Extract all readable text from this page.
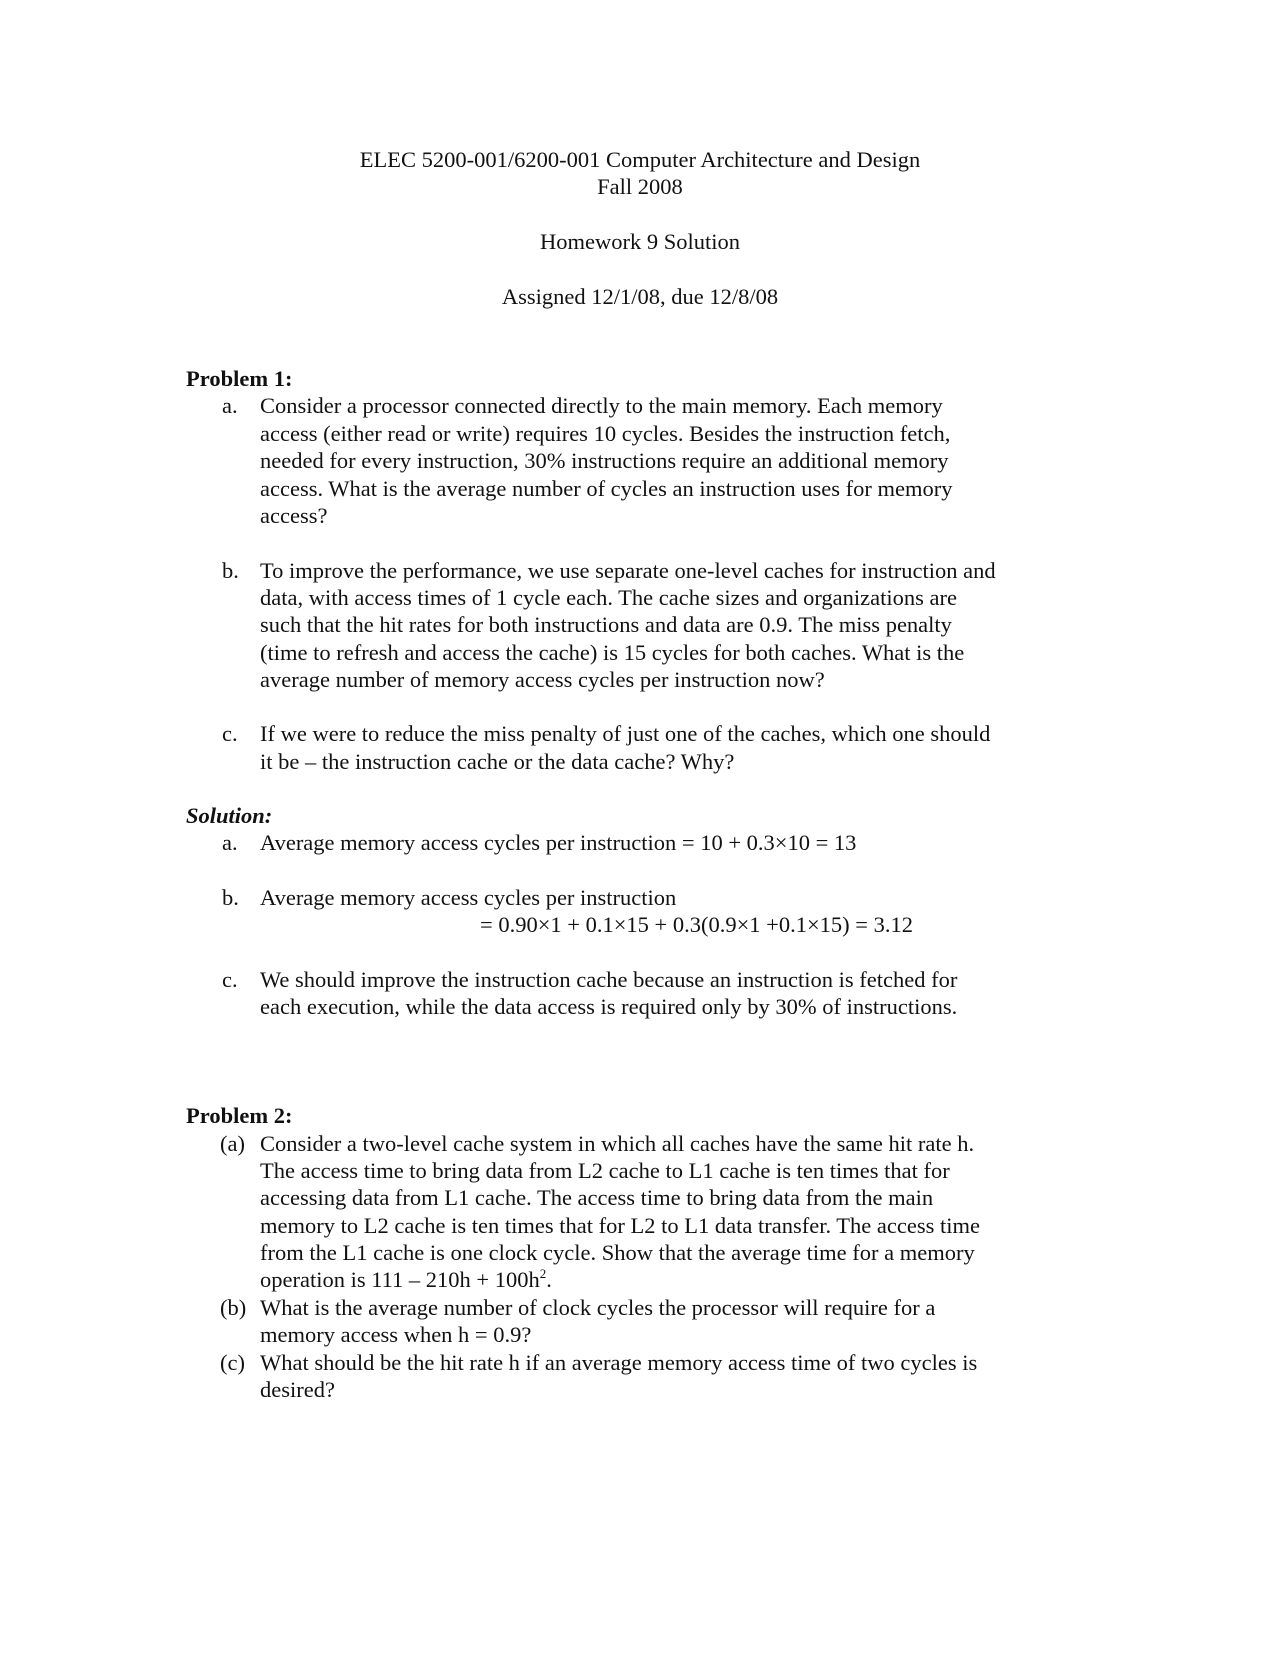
ELEC 5200-001/6200-001 Computer Architecture and Design
Fall 2008
Homework 9 Solution
Assigned 12/1/08, due 12/8/08
Problem 1:
a. Consider a processor connected directly to the main memory. Each memory
access (either read or write) requires 10 cycles. Besides the instruction fetch,
needed for every instruction, 30% instructions require an additional memory
access. What is the average number of cycles an instruction uses for memory
access?
b. To improve the performance, we use separate one-level caches for instruction and
data, with access times of 1 cycle each. The cache sizes and organizations are
such that the hit rates for both instructions and data are 0.9. The miss penalty
(time to refresh and access the cache) is 15 cycles for both caches. What is the
average number of memory access cycles per instruction now?
c. If we were to reduce the miss penalty of just one of the caches, which one should
it be – the instruction cache or the data cache? Why?
Solution:
a. Average memory access cycles per instruction = 10 + 0.3×10 = 13
b. Average memory access cycles per instruction
= 0.90×1 + 0.1×15 + 0.3(0.9×1 +0.1×15) = 3.12
c. We should improve the instruction cache because an instruction is fetched for
each execution, while the data access is required only by 30% of instructions.
Problem 2:
(a) Consider a two-level cache system in which all caches have the same hit rate h.
The access time to bring data from L2 cache to L1 cache is ten times that for
accessing data from L1 cache. The access time to bring data from the main
memory to L2 cache is ten times that for L2 to L1 data transfer. The access time
from the L1 cache is one clock cycle. Show that the average time for a memory
operation is $111 - 210h + 100h^2$.
(b) What is the average number of clock cycles the processor will require for a
memory access when h = 0.9?
(c) What should be the hit rate h if an average memory access time of two cycles is
desired?
